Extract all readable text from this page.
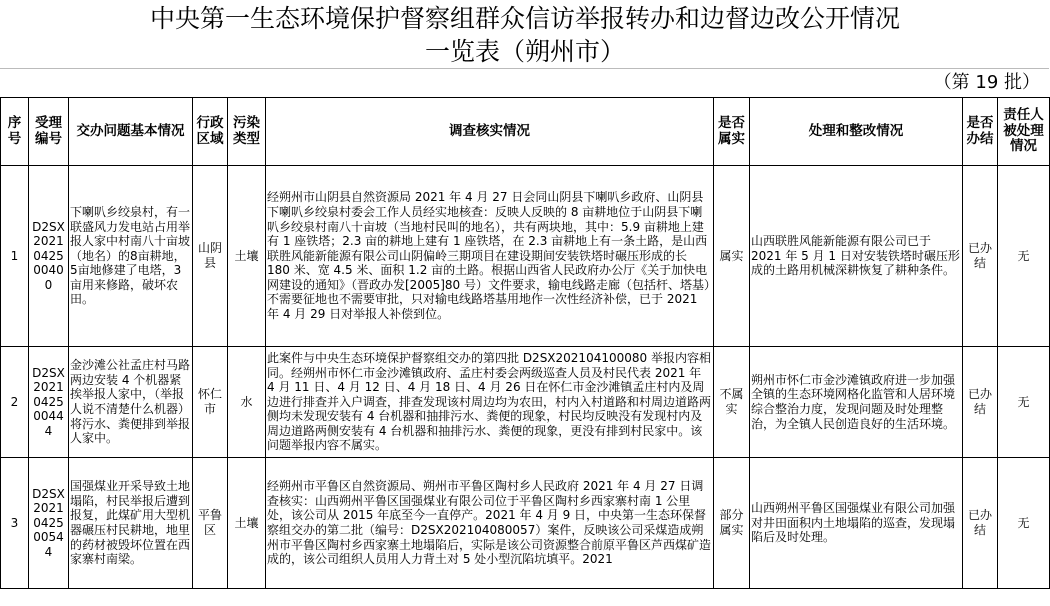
中央第一生态环境保护督察组群众信访举报转办和边督边改公开情况
一览表（朔州市）
（第 19 批）
序号	受理编号	交办问题基本情况	行政区域	污染类型	调查核实情况	是否属实	处理和整改情况	是否办结	责任人被处理情况
1	D2SX2021042500400	下喇叭乡绞泉村，有一联盛风力发电站占用举报人家中村南八十亩坡（地名）的8亩耕地，5亩地修建了电塔，3亩用来修路，破坏农田。	山阴县	土壤	经朔州市山阴县自然资源局 2021 年 4 月 27 日会同山阴县下喇叭乡政府、山阴县下喇叭乡绞泉村委会工作人员经实地核查：反映人反映的 8 亩耕地位于山阴县下喇叭乡绞泉村南八十亩坡（当地村民叫的地名），共有两块地，其中：5.9 亩耕地上建有 1 座铁塔；2.3 亩的耕地上建有 1 座铁塔，在 2.3 亩耕地上有一条土路，是山西联胜风能新能源有限公司山阴偏岭三期项目在建设期间安装铁塔时碾压形成的长 180 米、宽 4.5 米、面积 1.2 亩的土路。根据山西省人民政府办公厅《关于加快电网建设的通知》（晋政办发[2005]80 号）文件要求，输电线路走廊（包括杆、塔基）不需要征地也不需要审批，只对输电线路塔基用地作一次性经济补偿，已于 2021 年 4 月 29 日对举报人补偿到位。	属实	山西联胜风能新能源有限公司已于 2021 年 5 月 1 日对安装铁塔时碾压形成的土路用机械深耕恢复了耕种条件。	已办结	无
2	D2SX2021042500444	金沙滩公社孟庄村马路两边安装 4 个机器紧挨举报人家中，（举报人说不清楚什么机器）将污水、粪便排到举报人家中。	怀仁市	水	此案件与中央生态环境保护督察组交办的第四批 D2SX202104100080 举报内容相同。经朔州市怀仁市金沙滩镇政府、孟庄村委会两级巡查人员及村民代表 2021 年 4 月 11 日、4 月 12 日、4 月 18 日、4 月 26 日在怀仁市金沙滩镇孟庄村内及周边进行排查并入户调查，排查发现该村周边均为农田，村内入村道路和村周边道路两侧均未发现安装有 4 台机器和抽排污水、粪便的现象，村民均反映没有发现村内及周边道路两侧安装有 4 台机器和抽排污水、粪便的现象，更没有排到村民家中。该问题举报内容不属实。	不属实	朔州市怀仁市金沙滩镇政府进一步加强全镇的生态环境网格化监管和人居环境综合整治力度，发现问题及时处理整治，为全镇人民创造良好的生活环境。	已办结	无
3	D2SX2021042500544	国强煤业开采导致土地塌陷，村民举报后遭到报复，此煤矿用大型机器碾压村民耕地，地里的药材被毁坏位置在西家寨村南梁。	平鲁区	土壤	经朔州市平鲁区自然资源局、朔州市平鲁区陶村乡人民政府 2021 年 4 月 27 日调查核实：山西朔州平鲁区国强煤业有限公司位于平鲁区陶村乡西家寨村南 1 公里处，该公司从 2015 年底至今一直停产。2021 年 4 月 9 日，中央第一生态环保督察组交办的第二批（编号：D2SX202104080057）案件，反映该公司采煤造成朔州市平鲁区陶村乡西家寨土地塌陷后，实际是该公司资源整合前原平鲁区芦西煤矿造成的，该公司组织人员用人力背土对 5 处小型沉陷坑填平。2021	部分属实	山西朔州平鲁区国强煤业有限公司加强对井田面积内土地塌陷的巡查，发现塌陷后及时处理。	已办结	无
